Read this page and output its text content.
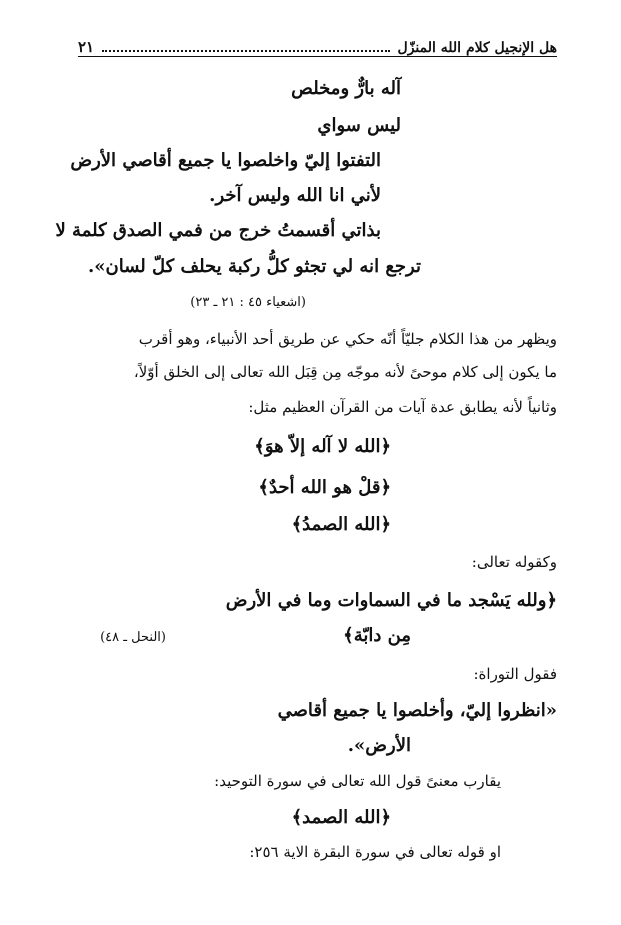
هل الإنجيل كلام الله المنزّل
٢١
آله بارٌّ ومخلص
ليس سواي
التفتوا إليّ واخلصوا يا جميع أقاصي الأرض
لأني انا الله وليس آخر.
بذاتي أقسمتُ خرج من فمي الصدق كلمة لا
ترجع انه لي تجثو كلُّ ركبة يحلف كلّ لسان».
(اشعياء ٤٥ : ٢١ ـ ٢٣)
ويظهر من هذا الكلام جليّاً أنّه حكي عن طريق أحد الأنبياء، وهو أقرب
ما يكون إلى كلام موحىً لأنه موجّه مِن قِبَل الله تعالى إلى الخلق أوّلاً،
وثانياً لأنه يطابق عدة آيات من القرآن العظيم مثل:
﴿الله لا آله إلاّ هوَ﴾
﴿قلْ هو الله أحدٌ﴾
﴿الله الصمدُ﴾
وكقوله تعالى:
﴿ولله يَسْجد ما في السماوات وما في الأرض
مِن دابّة﴾
(النحل ـ ٤٨)
فقول التوراة:
«انظروا إليّ، وأخلصوا يا جميع أقاصي
الأرض».
يقارب معنىً قول الله تعالى في سورة التوحيد:
﴿الله الصمد﴾
او قوله تعالى في سورة البقرة الاية ٢٥٦:
